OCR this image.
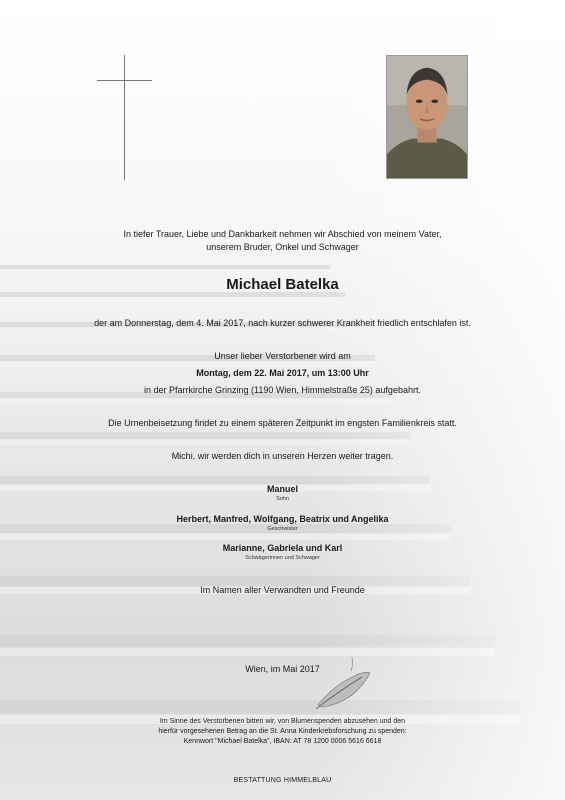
In tiefer Trauer, Liebe und Dankbarkeit nehmen wir Abschied von meinem Vater,
unserem Bruder, Onkel und Schwager
Michael Batelka
der am Donnerstag, dem 4. Mai 2017, nach kurzer schwerer Krankheit friedlich entschlafen ist.
Unser lieber Verstorbener wird am
Montag, dem 22. Mai 2017, um 13:00 Uhr
in der Pfarrkirche Grinzing (1190 Wien, Himmelstraße 25) aufgebahrt.
Die Urnenbeisetzung findet zu einem späteren Zeitpunkt im engsten Familienkreis statt.
Michi, wir werden dich in unseren Herzen weiter tragen.
Manuel
Sohn
Herbert, Manfred, Wolfgang, Beatrix und Angelika
Geschwister
Marianne, Gabriela und Karl
Schwägerinnen und Schwager
Im Namen aller Verwandten und Freunde
Wien, im Mai 2017
Im Sinne des Verstorbenen bitten wir, von Blumenspenden abzusehen und den
hierfür vorgesehenen Betrag an die St. Anna Kinderkrebsforschung zu spenden:
Kennwort "Michael Batelka", IBAN: AT 78 1200 0006 5616 6618
BESTATTUNG HIMMELBLAU
